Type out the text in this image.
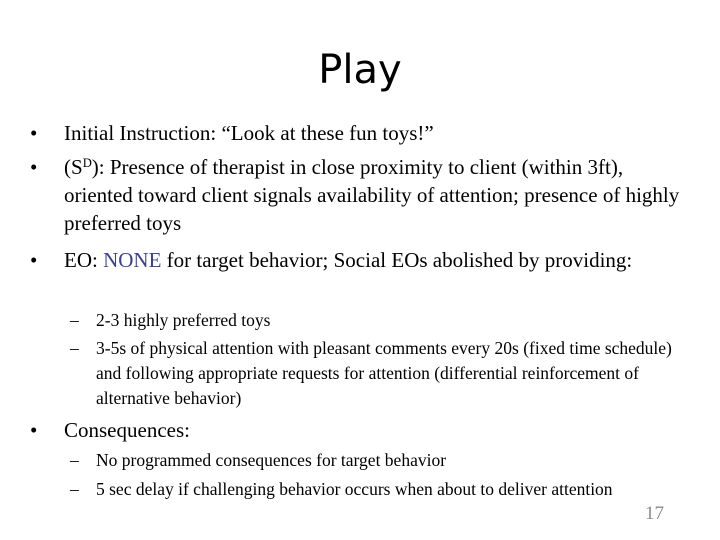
Play
• Initial Instruction: “Look at these fun toys!”
• $(S^D)$: Presence of therapist in close proximity to client (within 3ft), oriented toward client signals availability of attention; presence of highly preferred toys
• EO: NONE for target behavior; Social EOs abolished by providing:
– 2-3 highly preferred toys
– 3-5s of physical attention with pleasant comments every 20s (fixed time schedule) and following appropriate requests for attention (differential reinforcement of alternative behavior)
• Consequences:
– No programmed consequences for target behavior
– 5 sec delay if challenging behavior occurs when about to deliver attention
17
